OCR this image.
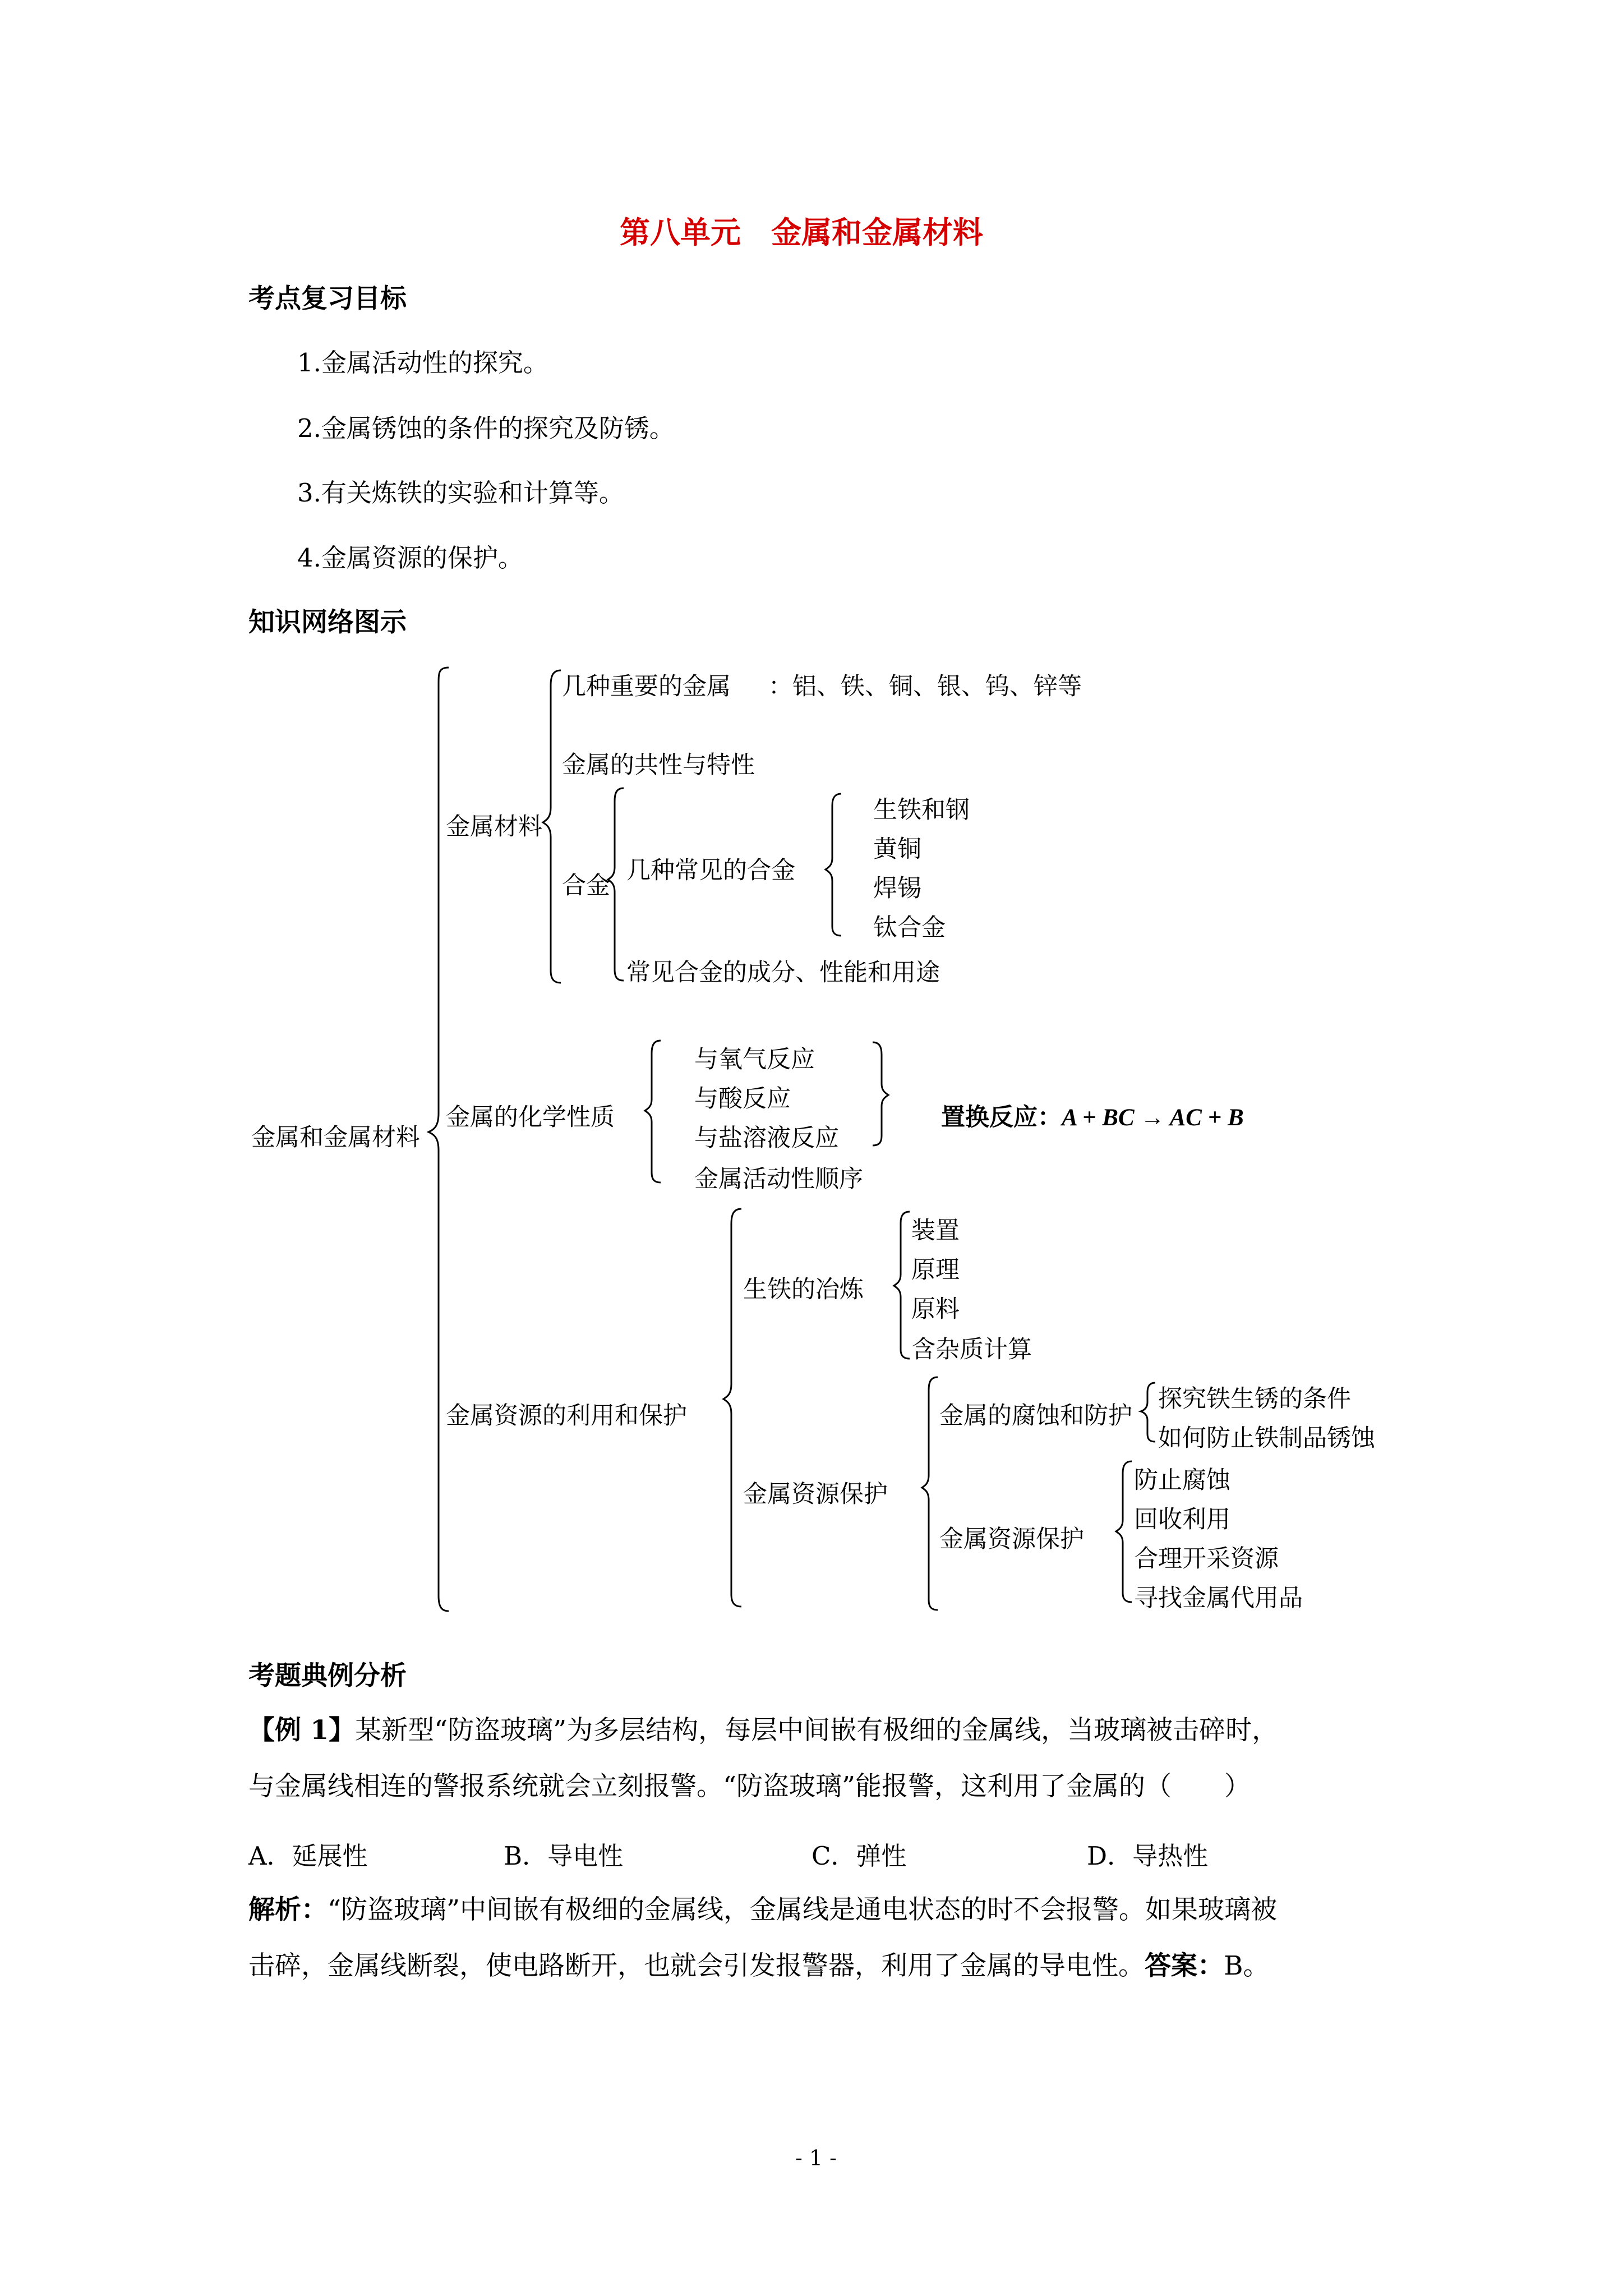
第八单元　金属和金属材料
考点复习目标
1.金属活动性的探究。
2.金属锈蚀的条件的探究及防锈。
3.有关炼铁的实验和计算等。
4.金属资源的保护。
知识网络图示
金属和金属材料
金属材料
几种重要的金属 ：铝、铁、铜、银、钨、锌等
金属的共性与特性
合金
几种常见的合金
生铁和钢
黄铜
焊锡
钛合金
常见合金的成分、性能和用途
金属的化学性质
与氧气反应
与酸反应
与盐溶液反应
金属活动性顺序
置换反应：A + BC → AC + B
金属资源的利用和保护
生铁的冶炼
装置
原理
原料
含杂质计算
金属资源保护
金属的腐蚀和防护
探究铁生锈的条件
如何防止铁制品锈蚀
金属资源保护
防止腐蚀
回收利用
合理开采资源
寻找金属代用品
考题典例分析
【例 1】某新型“防盗玻璃”为多层结构，每层中间嵌有极细的金属线，当玻璃被击碎时，
与金属线相连的警报系统就会立刻报警。“防盗玻璃”能报警，这利用了金属的（　　）
A．延展性	B．导电性	C．弹性	D．导热性
解析：“防盗玻璃”中间嵌有极细的金属线，金属线是通电状态的时不会报警。如果玻璃被
击碎，金属线断裂，使电路断开，也就会引发报警器，利用了金属的导电性。答案：B。
- 1 -
